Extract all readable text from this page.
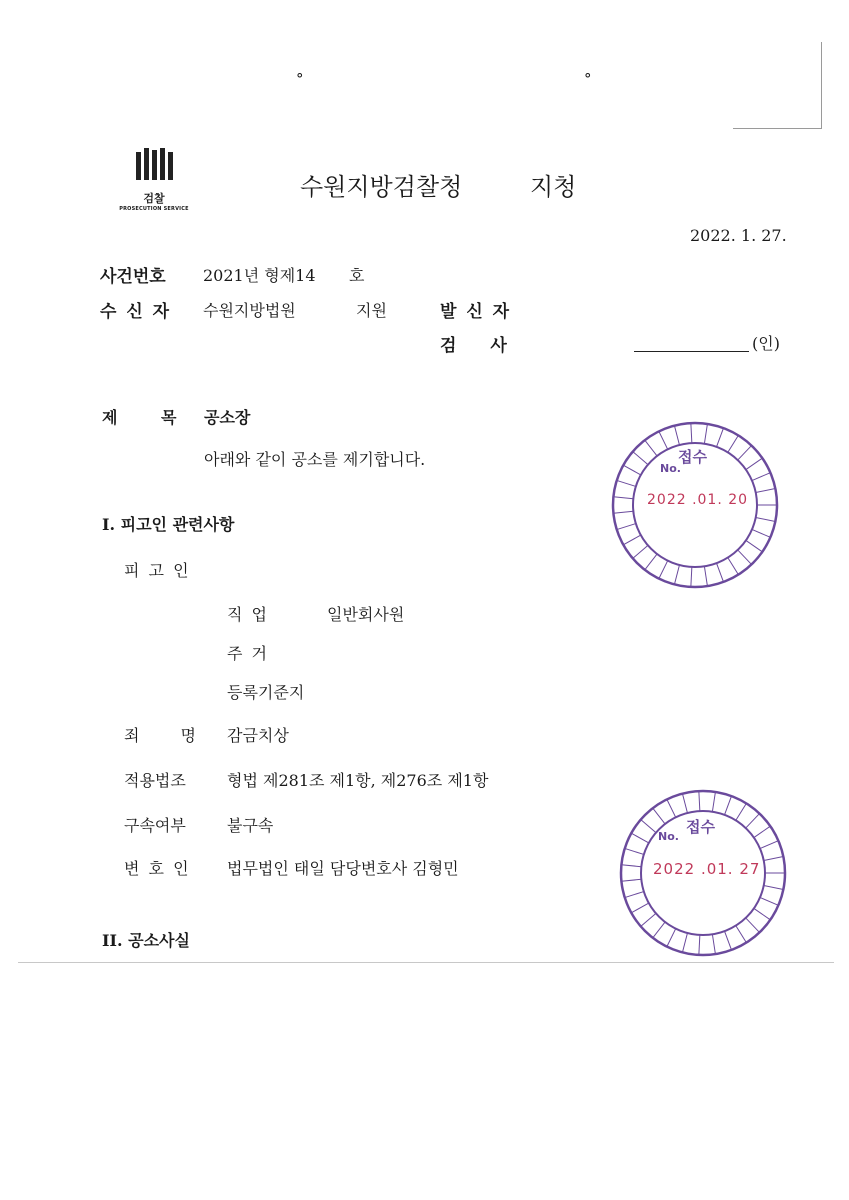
°	°
검찰
PROSECUTION SERVICE
수원지방검찰청	지청
2022. 1. 27.
사건번호 2021년 형제14 호
수 신 자 수원지방법원	지원	발 신 자
검 사	(인)
제 목 공소장
아래와 같이 공소를 제기합니다.
I. 피고인 관련사항
피 고 인
직 업	일반회사원
주 거
등록기준지
죄 명 감금치상
적용법조	형법 제281조 제1항, 제276조 제1항
구속여부	불구속
변 호 인 법무법인 태일 담당변호사 김형민
II. 공소사실
접수
No.
2022 .01. 20
접수
No.
2022 .01. 27
